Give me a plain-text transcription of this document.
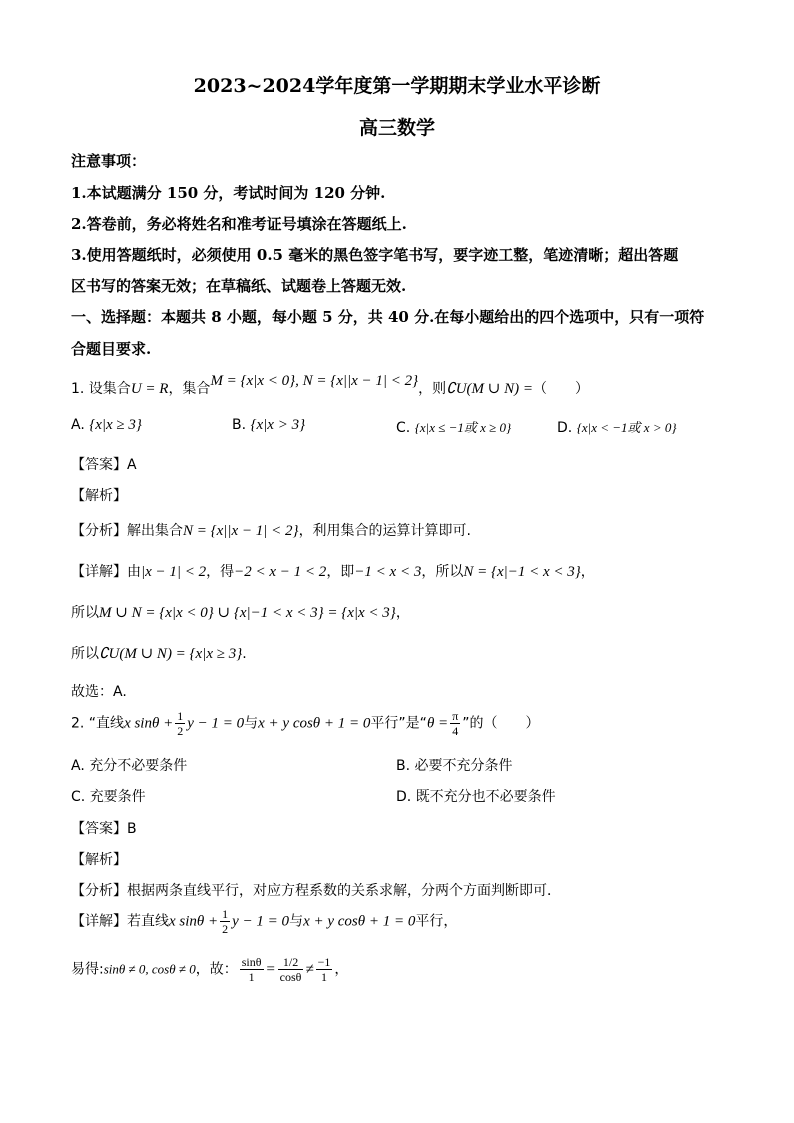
2023~2024学年度第一学期期末学业水平诊断
高三数学
注意事项：
1.本试题满分 150 分，考试时间为 120 分钟.
2.答卷前，务必将姓名和准考证号填涂在答题纸上.
3.使用答题纸时，必须使用 0.5 毫米的黑色签字笔书写，要字迹工整，笔迹清晰；超出答题
区书写的答案无效；在草稿纸、试题卷上答题无效.
一、选择题：本题共 8 小题，每小题 5 分，共 40 分.在每小题给出的四个选项中，只有一项符
合题目要求.
1. 设集合U = R，集合M = {x|x < 0}, N = {x||x − 1| < 2}，则∁U(M ∪ N) =（　　）
A. {x|x ≥ 3}	B. {x|x > 3}	C. {x|x ≤ −1或 x ≥ 0}	D. {x|x < −1或 x > 0}
【答案】A
【解析】
【分析】解出集合N = {x||x − 1| < 2}，利用集合的运算计算即可.
【详解】由|x − 1| < 2，得−2 < x − 1 < 2，即−1 < x < 3，所以N = {x|−1 < x < 3}，
所以M ∪ N = {x|x < 0} ∪ {x|−1 < x < 3} = {x|x < 3}，
所以∁U(M ∪ N) = {x|x ≥ 3}.
故选：A.
2. “直线x $\sin\theta + \frac{1}{2}$ y − 1 = 0与x + y cosθ + 1 = 0平行”是“$\theta = \frac{\pi}{4}$ ”的（　　）
A. 充分不必要条件	B. 必要不充分条件
C. 充要条件	D. 既不充分也不必要条件
【答案】B
【解析】
【分析】根据两条直线平行，对应方程系数的关系求解，分两个方面判断即可．
【详解】若直线x $\sin\theta + \frac{1}{2}$ y − 1 = 0与x + y cosθ + 1 = 0平行，
易得:sinθ ≠ 0, cosθ ≠ 0，故： $\frac{\sin\theta}{1} = \frac{1/2}{\cos\theta} \ne \frac{-1}{1}$ ，
